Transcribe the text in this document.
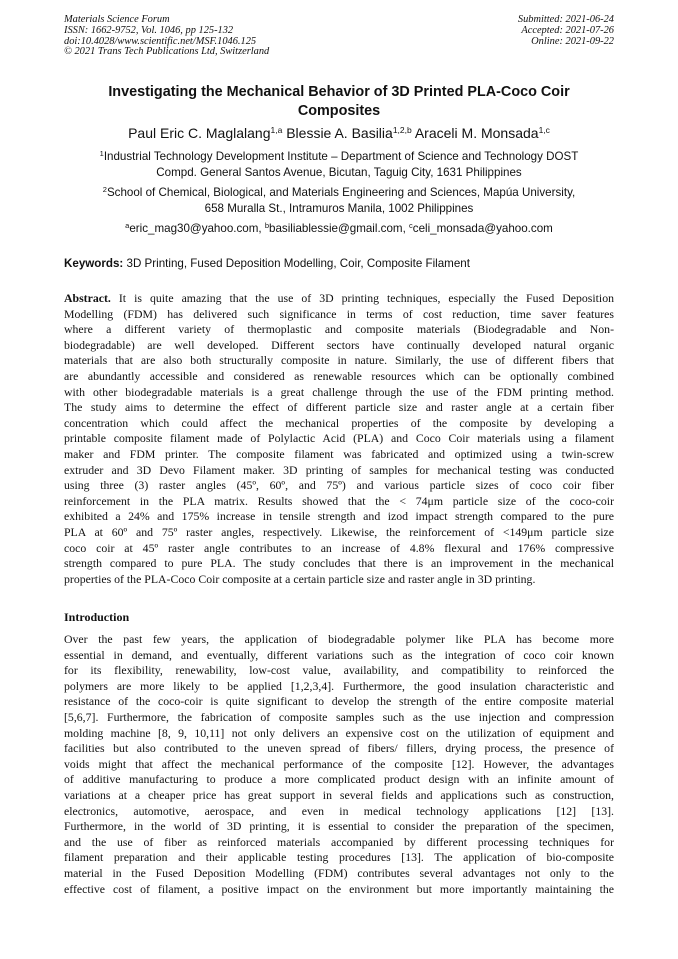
Materials Science Forum
ISSN: 1662-9752, Vol. 1046, pp 125-132
doi:10.4028/www.scientific.net/MSF.1046.125
© 2021 Trans Tech Publications Ltd, Switzerland
Submitted: 2021-06-24
Accepted: 2021-07-26
Online: 2021-09-22
Investigating the Mechanical Behavior of 3D Printed PLA-Coco Coir
Composites
Paul Eric C. Maglalang$^{1,a}$ Blessie A. Basilia$^{1,2,b}$ Araceli M. Monsada$^{1,c}$
$^1$Industrial Technology Development Institute – Department of Science and Technology DOST
Compd. General Santos Avenue, Bicutan, Taguig City, 1631 Philippines
$^2$School of Chemical, Biological, and Materials Engineering and Sciences, Mapúa University,
658 Muralla St., Intramuros Manila, 1002 Philippines
$^a$eric_mag30@yahoo.com, $^b$basiliablessie@gmail.com, $^c$celi_monsada@yahoo.com
Keywords: 3D Printing, Fused Deposition Modelling, Coir, Composite Filament
Abstract. It is quite amazing that the use of 3D printing techniques, especially the Fused Deposition
Modelling (FDM) has delivered such significance in terms of cost reduction, time saver features
where a different variety of thermoplastic and composite materials (Biodegradable and Non-
biodegradable) are well developed. Different sectors have continually developed natural organic
materials that are also both structurally composite in nature. Similarly, the use of different fibers that
are abundantly accessible and considered as renewable resources which can be optionally combined
with other biodegradable materials is a great challenge through the use of the FDM printing method.
The study aims to determine the effect of different particle size and raster angle at a certain fiber
concentration which could affect the mechanical properties of the composite by developing a
printable composite filament made of Polylactic Acid (PLA) and Coco Coir materials using a filament
maker and FDM printer. The composite filament was fabricated and optimized using a twin-screw
extruder and 3D Devo Filament maker. 3D printing of samples for mechanical testing was conducted
using three (3) raster angles (45º, 60º, and 75º) and various particle sizes of coco coir fiber
reinforcement in the PLA matrix. Results showed that the < 74μm particle size of the coco-coir
exhibited a 24% and 175% increase in tensile strength and izod impact strength compared to the pure
PLA at 60º and 75º raster angles, respectively. Likewise, the reinforcement of <149μm particle size
coco coir at 45º raster angle contributes to an increase of 4.8% flexural and 176% compressive
strength compared to pure PLA. The study concludes that there is an improvement in the mechanical
properties of the PLA-Coco Coir composite at a certain particle size and raster angle in 3D printing.
Introduction
Over the past few years, the application of biodegradable polymer like PLA has become more
essential in demand, and eventually, different variations such as the integration of coco coir known
for its flexibility, renewability, low-cost value, availability, and compatibility to reinforced the
polymers are more likely to be applied [1,2,3,4]. Furthermore, the good insulation characteristic and
resistance of the coco-coir is quite significant to develop the strength of the entire composite material
[5,6,7]. Furthermore, the fabrication of composite samples such as the use injection and compression
molding machine [8, 9, 10,11] not only delivers an expensive cost on the utilization of equipment and
facilities but also contributed to the uneven spread of fibers/ fillers, drying process, the presence of
voids might that affect the mechanical performance of the composite [12]. However, the advantages
of additive manufacturing to produce a more complicated product design with an infinite amount of
variations at a cheaper price has great support in several fields and applications such as construction,
electronics, automotive, aerospace, and even in medical technology applications [12] [13].
Furthermore, in the world of 3D printing, it is essential to consider the preparation of the specimen,
and the use of fiber as reinforced materials accompanied by different processing techniques for
filament preparation and their applicable testing procedures [13]. The application of bio-composite
material in the Fused Deposition Modelling (FDM) contributes several advantages not only to the
effective cost of filament, a positive impact on the environment but more importantly maintaining the
